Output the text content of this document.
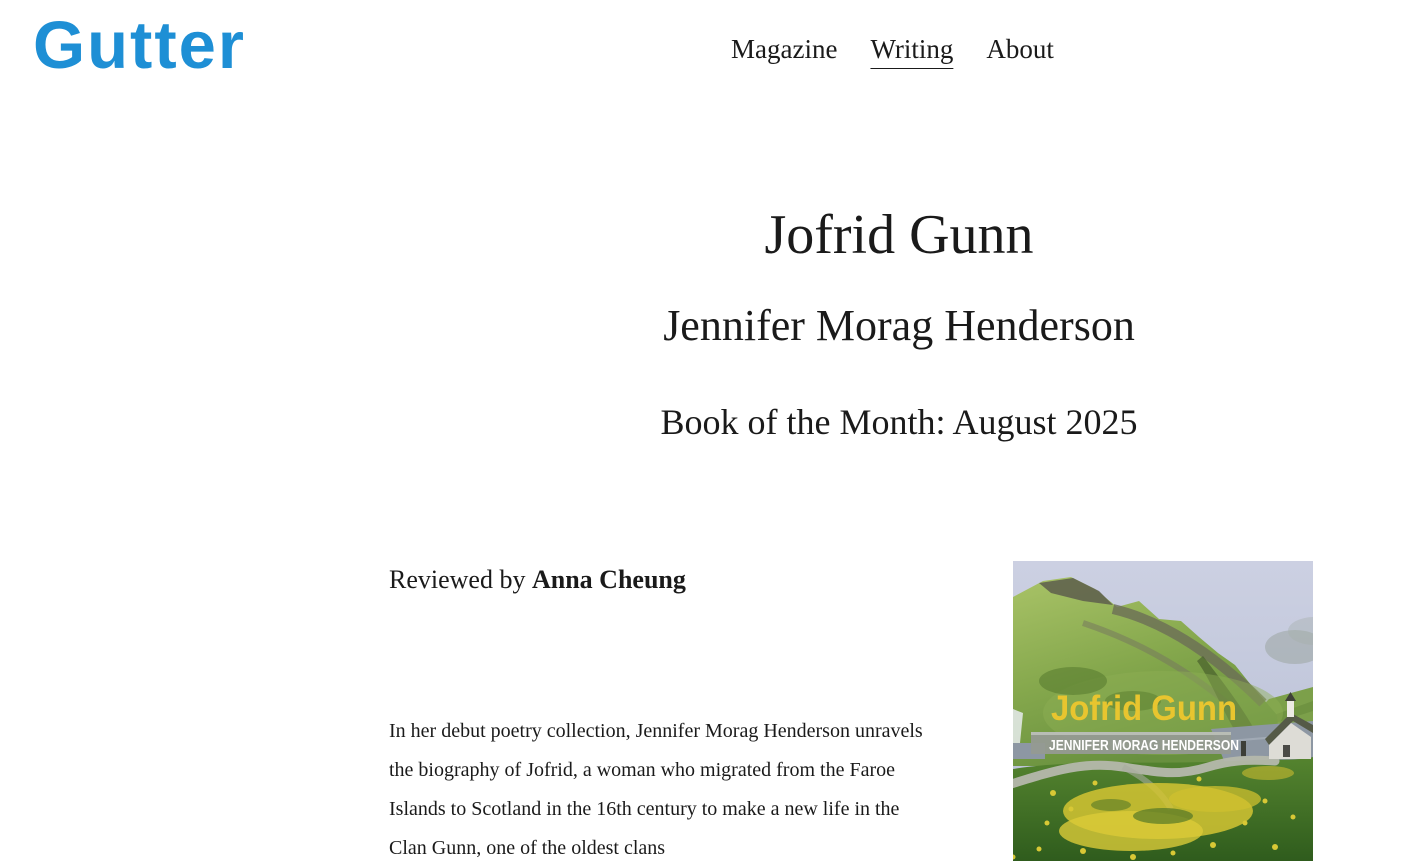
Gutter	Magazine Writing About
Jofrid Gunn
Jennifer Morag Henderson
Book of the Month: August 2025
Reviewed by Anna Cheung

In her debut poetry collection, Jennifer Morag Henderson unravels the biography of Jofrid, a woman who migrated from the Faroe Islands to Scotland in the 16th century to make a new life in the Clan Gunn, one of the oldest clans

Jofrid Gunn
JENNIFER MORAG HENDERSON
